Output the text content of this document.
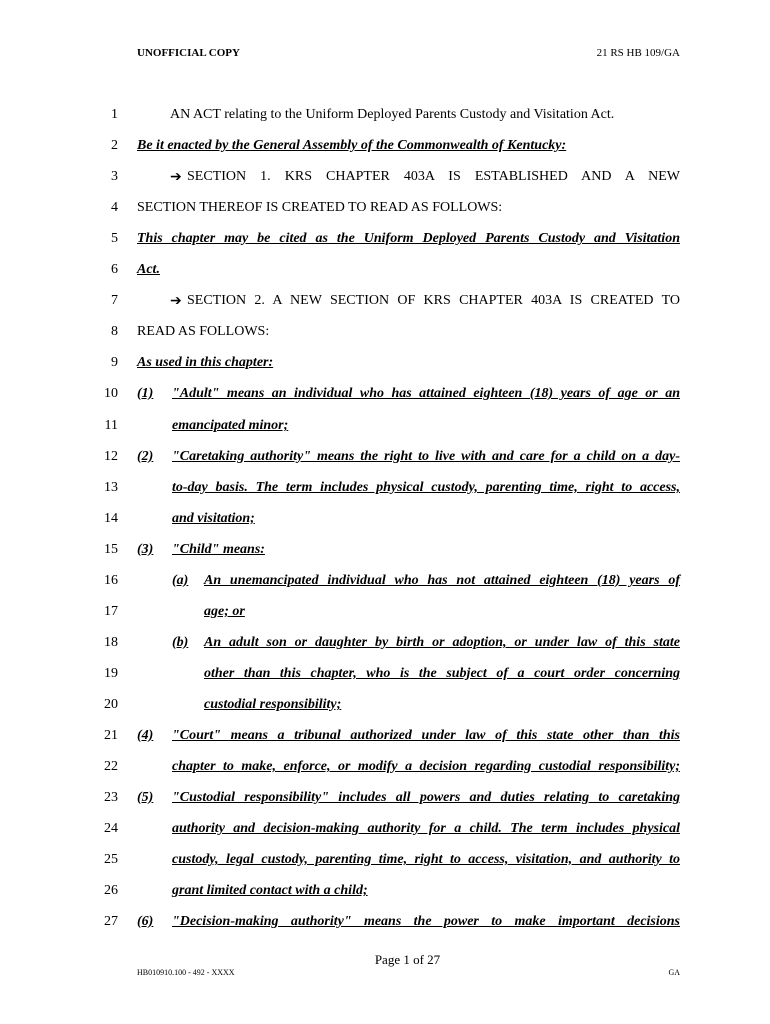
UNOFFICIAL COPY	21 RS HB 109/GA
1	AN ACT relating to the Uniform Deployed Parents Custody and Visitation Act.
2 Be it enacted by the General Assembly of the Commonwealth of Kentucky:
3	➔ SECTION 1. KRS CHAPTER 403A IS ESTABLISHED AND A NEW
4 SECTION THEREOF IS CREATED TO READ AS FOLLOWS:
5 This chapter may be cited as the Uniform Deployed Parents Custody and Visitation
6 Act.
7	➔ SECTION 2. A NEW SECTION OF KRS CHAPTER 403A IS CREATED TO
8 READ AS FOLLOWS:
9 As used in this chapter:
10 (1) "Adult" means an individual who has attained eighteen (18) years of age or an
11	emancipated minor;
12 (2) "Caretaking authority" means the right to live with and care for a child on a day-
13	to-day basis. The term includes physical custody, parenting time, right to access,
14	and visitation;
15 (3) "Child" means:
16	(a) An unemancipated individual who has not attained eighteen (18) years of
17	age; or
18	(b) An adult son or daughter by birth or adoption, or under law of this state
19	other than this chapter, who is the subject of a court order concerning
20	custodial responsibility;
21 (4) "Court" means a tribunal authorized under law of this state other than this
22	chapter to make, enforce, or modify a decision regarding custodial responsibility;
23 (5) "Custodial responsibility" includes all powers and duties relating to caretaking
24	authority and decision-making authority for a child. The term includes physical
25	custody, legal custody, parenting time, right to access, visitation, and authority to
26	grant limited contact with a child;
27 (6) "Decision-making authority" means the power to make important decisions
Page 1 of 27
HB010910.100 - 492 - XXXX	GA
